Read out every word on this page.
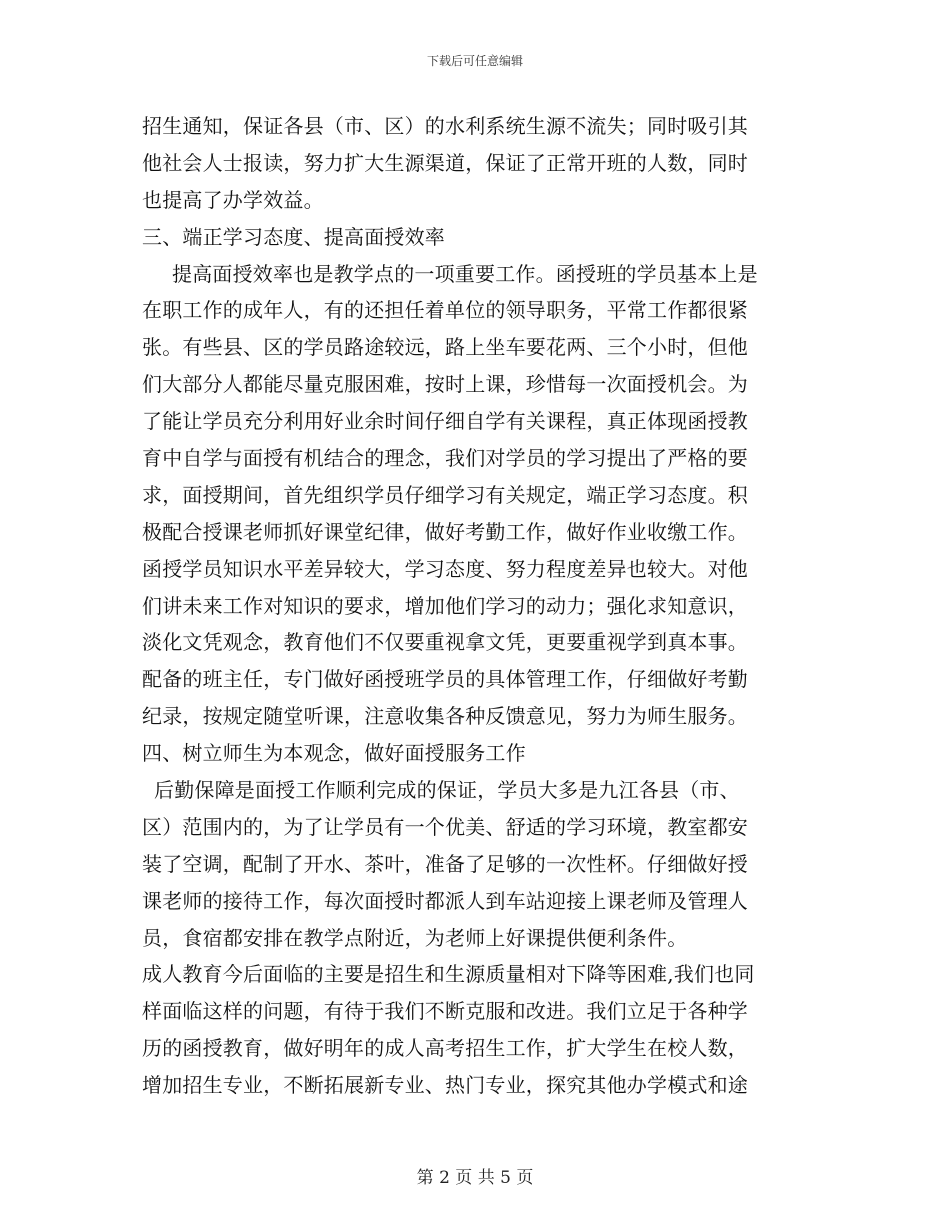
下载后可任意编辑
招生通知，保证各县（市、区）的水利系统生源不流失；同时吸引其
他社会人士报读，努力扩大生源渠道，保证了正常开班的人数，同时
也提高了办学效益。
三、端正学习态度、提高面授效率
提高面授效率也是教学点的一项重要工作。函授班的学员基本上是
在职工作的成年人，有的还担任着单位的领导职务，平常工作都很紧
张。有些县、区的学员路途较远，路上坐车要花两、三个小时，但他
们大部分人都能尽量克服困难，按时上课，珍惜每一次面授机会。为
了能让学员充分利用好业余时间仔细自学有关课程，真正体现函授教
育中自学与面授有机结合的理念，我们对学员的学习提出了严格的要
求，面授期间，首先组织学员仔细学习有关规定，端正学习态度。积
极配合授课老师抓好课堂纪律，做好考勤工作，做好作业收缴工作。
函授学员知识水平差异较大，学习态度、努力程度差异也较大。对他
们讲未来工作对知识的要求，增加他们学习的动力；强化求知意识，
淡化文凭观念，教育他们不仅要重视拿文凭，更要重视学到真本事。
配备的班主任，专门做好函授班学员的具体管理工作，仔细做好考勤
纪录，按规定随堂听课，注意收集各种反馈意见，努力为师生服务。
四、树立师生为本观念，做好面授服务工作
后勤保障是面授工作顺利完成的保证，学员大多是九江各县（市、
区）范围内的，为了让学员有一个优美、舒适的学习环境，教室都安
装了空调，配制了开水、茶叶，准备了足够的一次性杯。仔细做好授
课老师的接待工作，每次面授时都派人到车站迎接上课老师及管理人
员，食宿都安排在教学点附近，为老师上好课提供便利条件。
成人教育今后面临的主要是招生和生源质量相对下降等困难,我们也同
样面临这样的问题，有待于我们不断克服和改进。我们立足于各种学
历的函授教育，做好明年的成人高考招生工作，扩大学生在校人数，
增加招生专业，不断拓展新专业、热门专业，探究其他办学模式和途
第 2 页 共 5 页
